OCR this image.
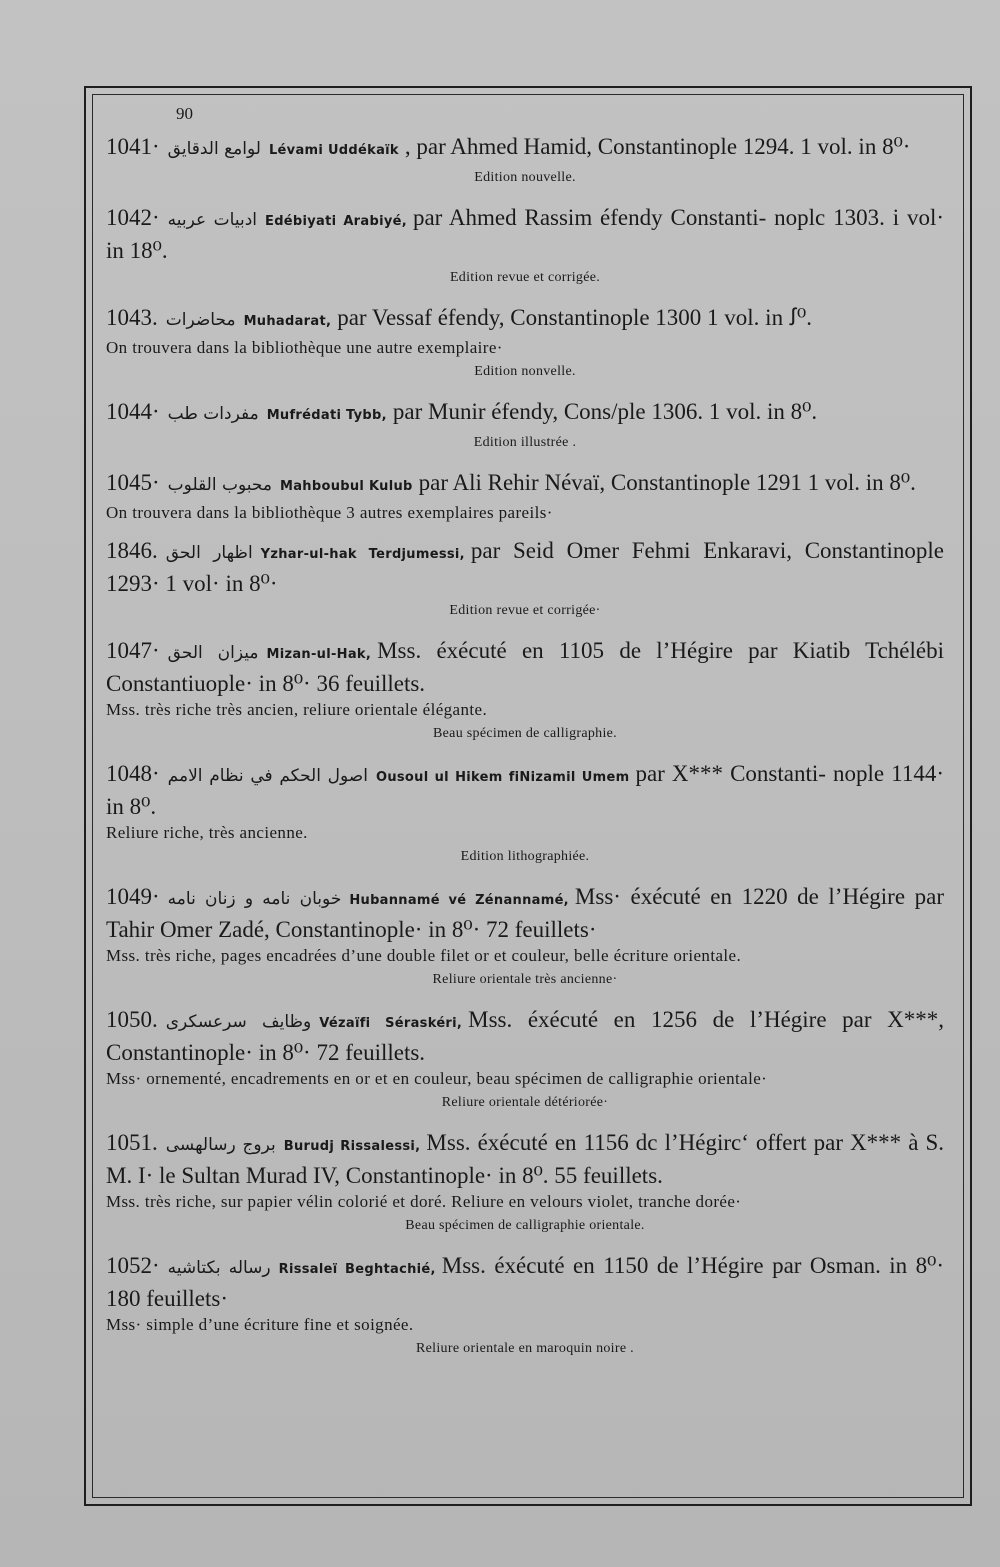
90
1041· لوامع الدقايق Lévami Uddékaïk , par Ahmed Hamid, Constantinople 1294. 1 vol. in 8⁰·
Edition nouvelle.
1042· ادبيات عربيه Edébiyati Arabiyé, par Ahmed Rassim éfendy Constanti- noplc 1303. i vol· in 18⁰.
Edition revue et corrigée.
1043. محاضرات Muhadarat, par Vessaf éfendy, Constantinople 1300 1 vol. in ꭍ⁰.
On trouvera dans la bibliothèque une autre exemplaire·
Edition nonvelle.
1044· مفردات طب Mufrédati Tybb, par Munir éfendy, Cons/ple 1306. 1 vol. in 8⁰.
Edition illustrée .
1045· محبوب القلوب Mahboubul Kulub par Ali Rehir Névaï, Constantinople 1291 1 vol. in 8⁰.
On trouvera dans la bibliothèque 3 autres exemplaires pareils·
1846. اظهار الحق Yzhar-ul-hak Terdjumessi, par Seid Omer Fehmi Enkaravi, Constantinople 1293· 1 vol· in 8⁰·
Edition revue et corrigée·
1047· ميزان الحق Mizan-ul-Hak, Mss. éxécuté en 1105 de l’Hégire par Kiatib Tchélébi Constantiuople· in 8⁰· 36 feuillets.
Mss. très riche très ancien, reliure orientale élégante.
Beau spécimen de calligraphie.
1048· اصول الحكم في نظام الامم Ousoul ul Hikem fiNizamil Umem par X*** Constanti- nople 1144· in 8⁰.
Reliure riche, très ancienne.
Edition lithographiée.
1049· خوبان نامه و زنان نامه Hubannamé vé Zénannamé, Mss· éxécuté en 1220 de l’Hégire par Tahir Omer Zadé, Constantinople· in 8⁰· 72 feuillets·
Mss. très riche, pages encadrées d’une double filet or et couleur, belle écriture orientale.
Reliure orientale très ancienne·
1050. وظايف سرعسكرى Vézaïfi Séraskéri, Mss. éxécuté en 1256 de l’Hégire par X***, Constantinople· in 8⁰· 72 feuillets.
Mss· ornementé, encadrements en or et en couleur, beau spécimen de calligraphie orientale·
Reliure orientale détériorée·
1051. بروج رسالهسی Burudj Rissalessi, Mss. éxécuté en 1156 dc l’Hégirc‘ offert par X*** à S. M. I· le Sultan Murad IV, Constantinople· in 8⁰. 55 feuillets.
Mss. très riche, sur papier vélin colorié et doré. Reliure en velours violet, tranche dorée·
Beau spécimen de calligraphie orientale.
1052· رساله بكتاشيه Rissaleï Beghtachié, Mss. éxécuté en 1150 de l’Hégire par Osman. in 8⁰· 180 feuillets·
Mss· simple d’une écriture fine et soignée.
Reliure orientale en maroquin noire .
